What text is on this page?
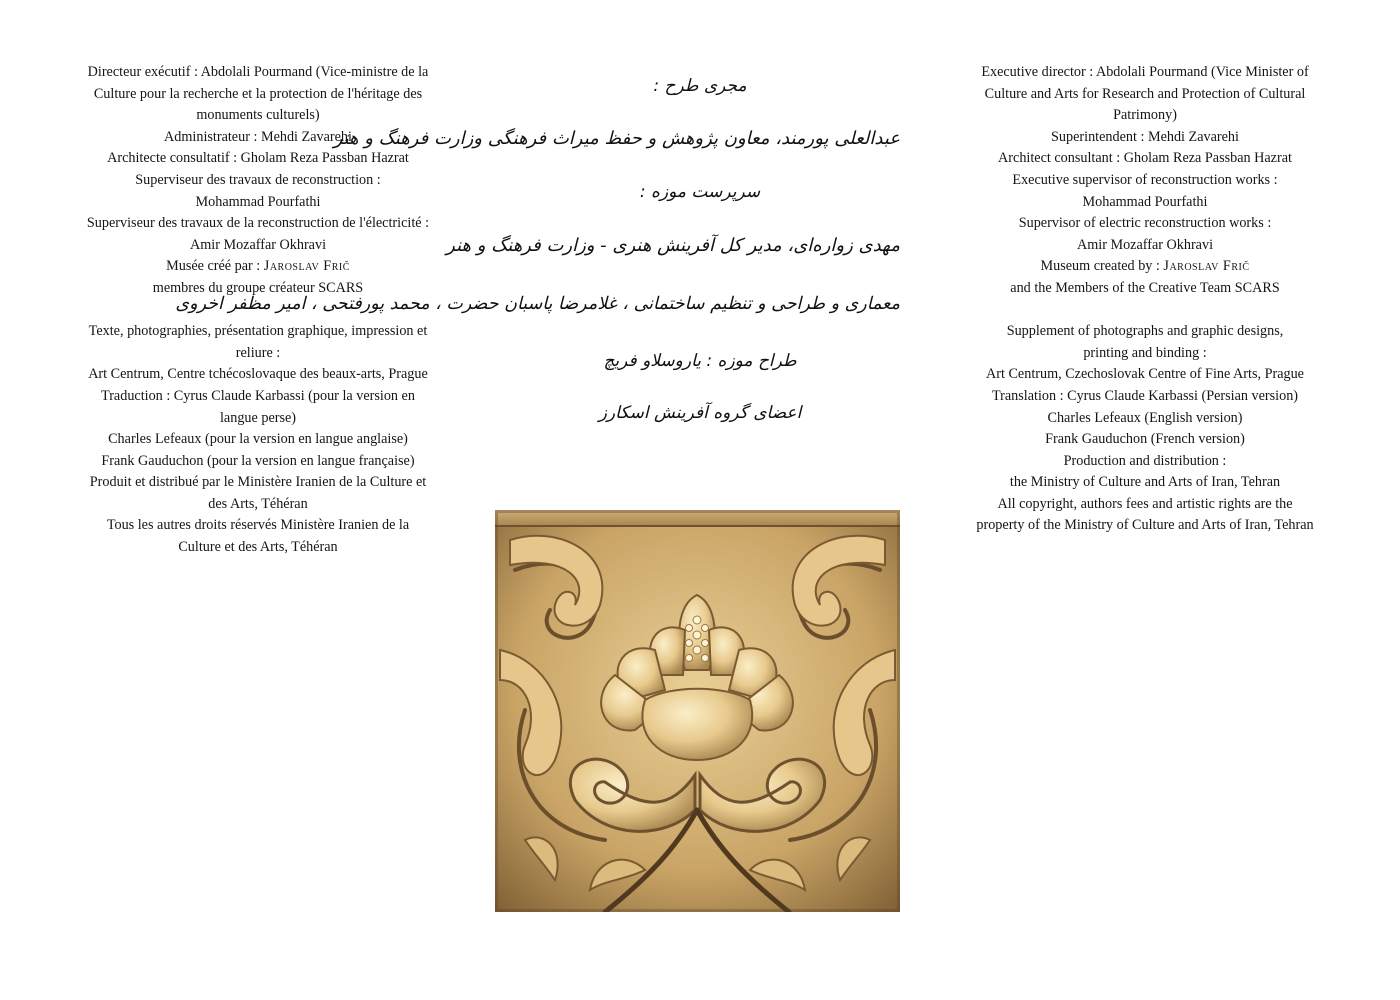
Directeur exécutif : Abdolali Pourmand (Vice-ministre de la
Culture pour la recherche et la protection de l'héritage des
monuments culturels)
Administrateur : Mehdi Zavarehi
Architecte consultatif : Gholam Reza Passban Hazrat
Superviseur des travaux de reconstruction :
Mohammad Pourfathi
Superviseur des travaux de la reconstruction de l'électricité :
Amir Mozaffar Okhravi
Musée créé par : Jaroslav Frič
membres du groupe créateur SCARS
Texte, photographies, présentation graphique, impression et
reliure :
Art Centrum, Centre tchécoslovaque des beaux-arts, Prague
Traduction : Cyrus Claude Karbassi (pour la version en
langue perse)
Charles Lefeaux (pour la version en langue anglaise)
Frank Gauduchon (pour la version en langue française)
Produit et distribué par le Ministère Iranien de la Culture et
des Arts, Téhéran
Tous les autres droits réservés Ministère Iranien de la
Culture et des Arts, Téhéran
مجری طرح :
عبدالعلی پورمند، معاون پژوهش و حفظ میراث فرهنگی وزارت فرهنگ و هنر
سرپرست موزه :
مهدی زواره‌ای، مدیر کل آفرینش هنری - وزارت فرهنگ و هنر
معماری و طراحی و تنظیم ساختمانی ، غلامرضا پاسبان حضرت ، محمد پورفتحی ، امیر مظفر اخروی
طراح موزه : یاروسلاو فریچ
اعضای گروه آفرینش اسکارز
Executive director : Abdolali Pourmand (Vice Minister of
Culture and Arts for Research and Protection of Cultural
Patrimony)
Superintendent : Mehdi Zavarehi
Architect consultant : Gholam Reza Passban Hazrat
Executive supervisor of reconstruction works :
Mohammad Pourfathi
Supervisor of electric reconstruction works :
Amir Mozaffar Okhravi
Museum created by : Jaroslav Frič
and the Members of the Creative Team SCARS
Supplement of photographs and graphic designs,
printing and binding :
Art Centrum, Czechoslovak Centre of Fine Arts, Prague
Translation : Cyrus Claude Karbassi (Persian version)
Charles Lefeaux (English version)
Frank Gauduchon (French version)
Production and distribution :
the Ministry of Culture and Arts of Iran, Tehran
All copyright, authors fees and artistic rights are the
property of the Ministry of Culture and Arts of Iran, Tehran
